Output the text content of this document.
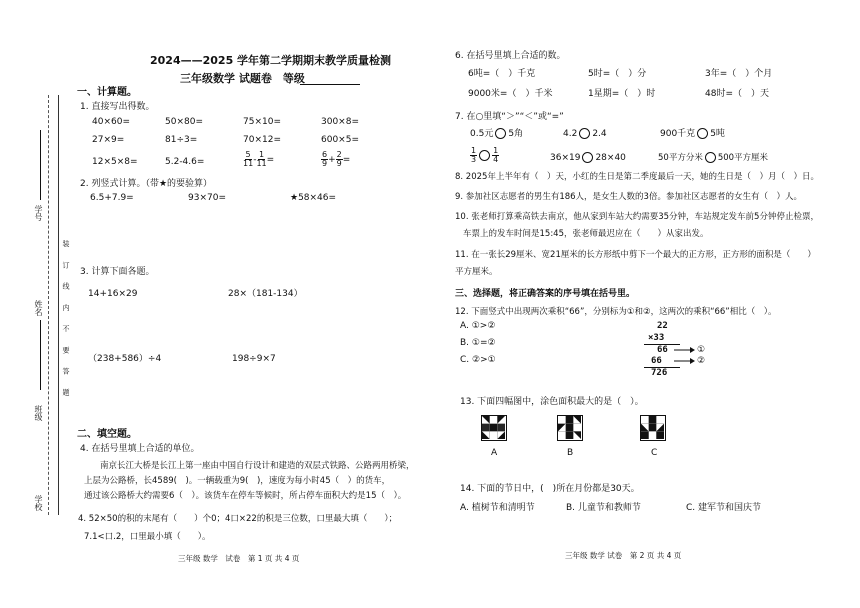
2024——2025 学年第二学期期末教学质量检测
三年级数学 试题卷　等级
装 订 线 内 不 要 答 题
学号
姓名
班级
学校
一、计算题。
1. 直接写出得数。
40×60=	50×80=	75×10=	300×8=
27×9=	81÷3=	70×12=	600×5=
12×5×8=	5.2-4.6=	$\frac{5}{11} - \frac{1}{11}$ =	$\frac{6}{9} + \frac{2}{9}$ =
2. 列竖式计算。（带★的要验算）
6.5+7.9=	93×70=	★58×46=
3. 计算下面各题。
14+16×29	28×（181-134）
（238+586）÷4	198÷9×7
二、填空题。
4. 在括号里填上合适的单位。
南京长江大桥是长江上第一座由中国自行设计和建造的双层式铁路、公路两用桥梁，
上层为公路桥，长4589(　)。一辆载重为9(　)，速度为每小时45（　）的货车，
通过该公路桥大约需要6（　）。该货车在停车等候时，所占停车面积大约是15（　）。
4. 52×50的积的末尾有（　　）个0；4口×22的积是三位数，口里最大填（　　）；
7.1<口.2，口里最小填（　　）。
三年级 数学　试卷　第 1 页 共 4 页
6. 在括号里填上合适的数。
6吨=（　）千克	5时=（　）分	3年=（　）个月
9000米=（　）千米	1星期=（　）时	48时=（　）天
7. 在○里填“＞”“＜”或“=”
0.5元 5角	4.2 2.4	900千克 5吨
$\frac{1}{3} \frac{1}{4}$	36×19 28×40	50平方分米 500平方厘米
8. 2025年上半年有（　）天，小红的生日是第二季度最后一天，她的生日是（　）月（　）日。
9. 参加社区志愿者的男生有186人，是女生人数的3倍。参加社区志愿者的女生有（　）人。
10. 张老师打算乘高铁去南京，他从家到车站大约需要35分钟，车站规定发车前5分钟停止检票，
车票上的发车时间是15:45，张老师最迟应在（　　）从家出发。
11. 在一张长29厘米、宽21厘米的长方形纸中剪下一个最大的正方形，正方形的面积是（　　）
平方厘米。
三、选择题，将正确答案的序号填在括号里。
12. 下面竖式中出现两次乘积“66”，分别标为①和②，这两次的乘积“66”相比（　）。
A. ①>②
B. ①=②
C. ②>①
22
×33
66
66
726
①
②
13. 下面四幅图中，涂色面积最大的是（　）。
A	B	C
14. 下面的节日中，(　)所在月份都是30天。
A. 植树节和清明节	B. 儿童节和教师节	C. 建军节和国庆节
三年级 数学 试卷　第 2 页 共 4 页
